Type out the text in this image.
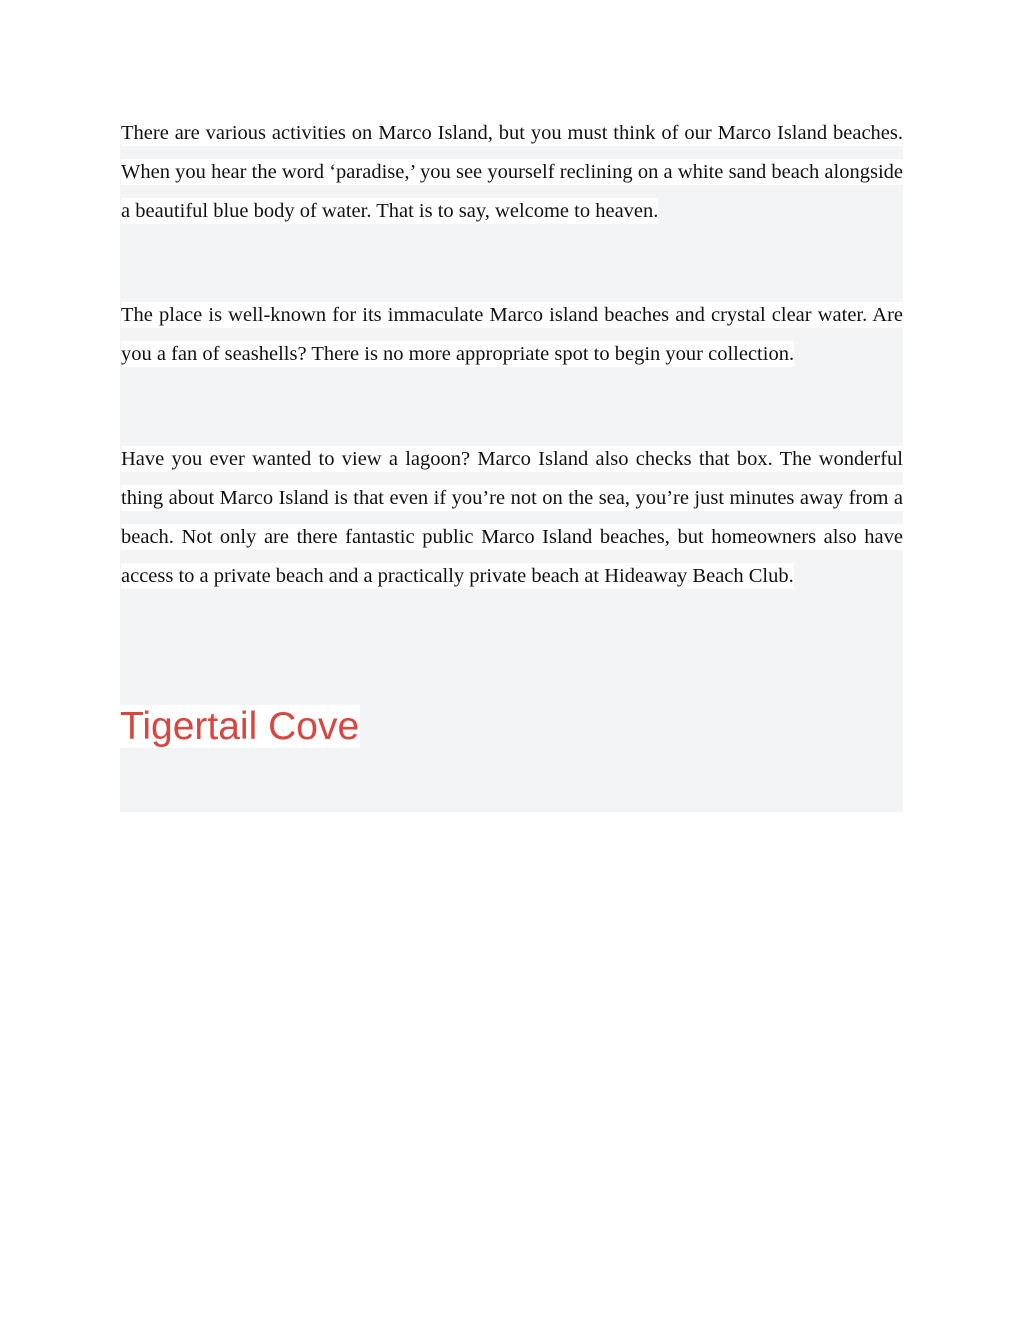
There are various activities on Marco Island, but you must think of our Marco Island beaches. When you hear the word ‘paradise,’ you see yourself reclining on a white sand beach alongside a beautiful blue body of water. That is to say, welcome to heaven.

The place is well-known for its immaculate Marco island beaches and crystal clear water. Are you a fan of seashells? There is no more appropriate spot to begin your collection.

Have you ever wanted to view a lagoon? Marco Island also checks that box. The wonderful thing about Marco Island is that even if you’re not on the sea, you’re just minutes away from a beach. Not only are there fantastic public Marco Island beaches, but homeowners also have access to a private beach and a practically private beach at Hideaway Beach Club.

Tigertail Cove
